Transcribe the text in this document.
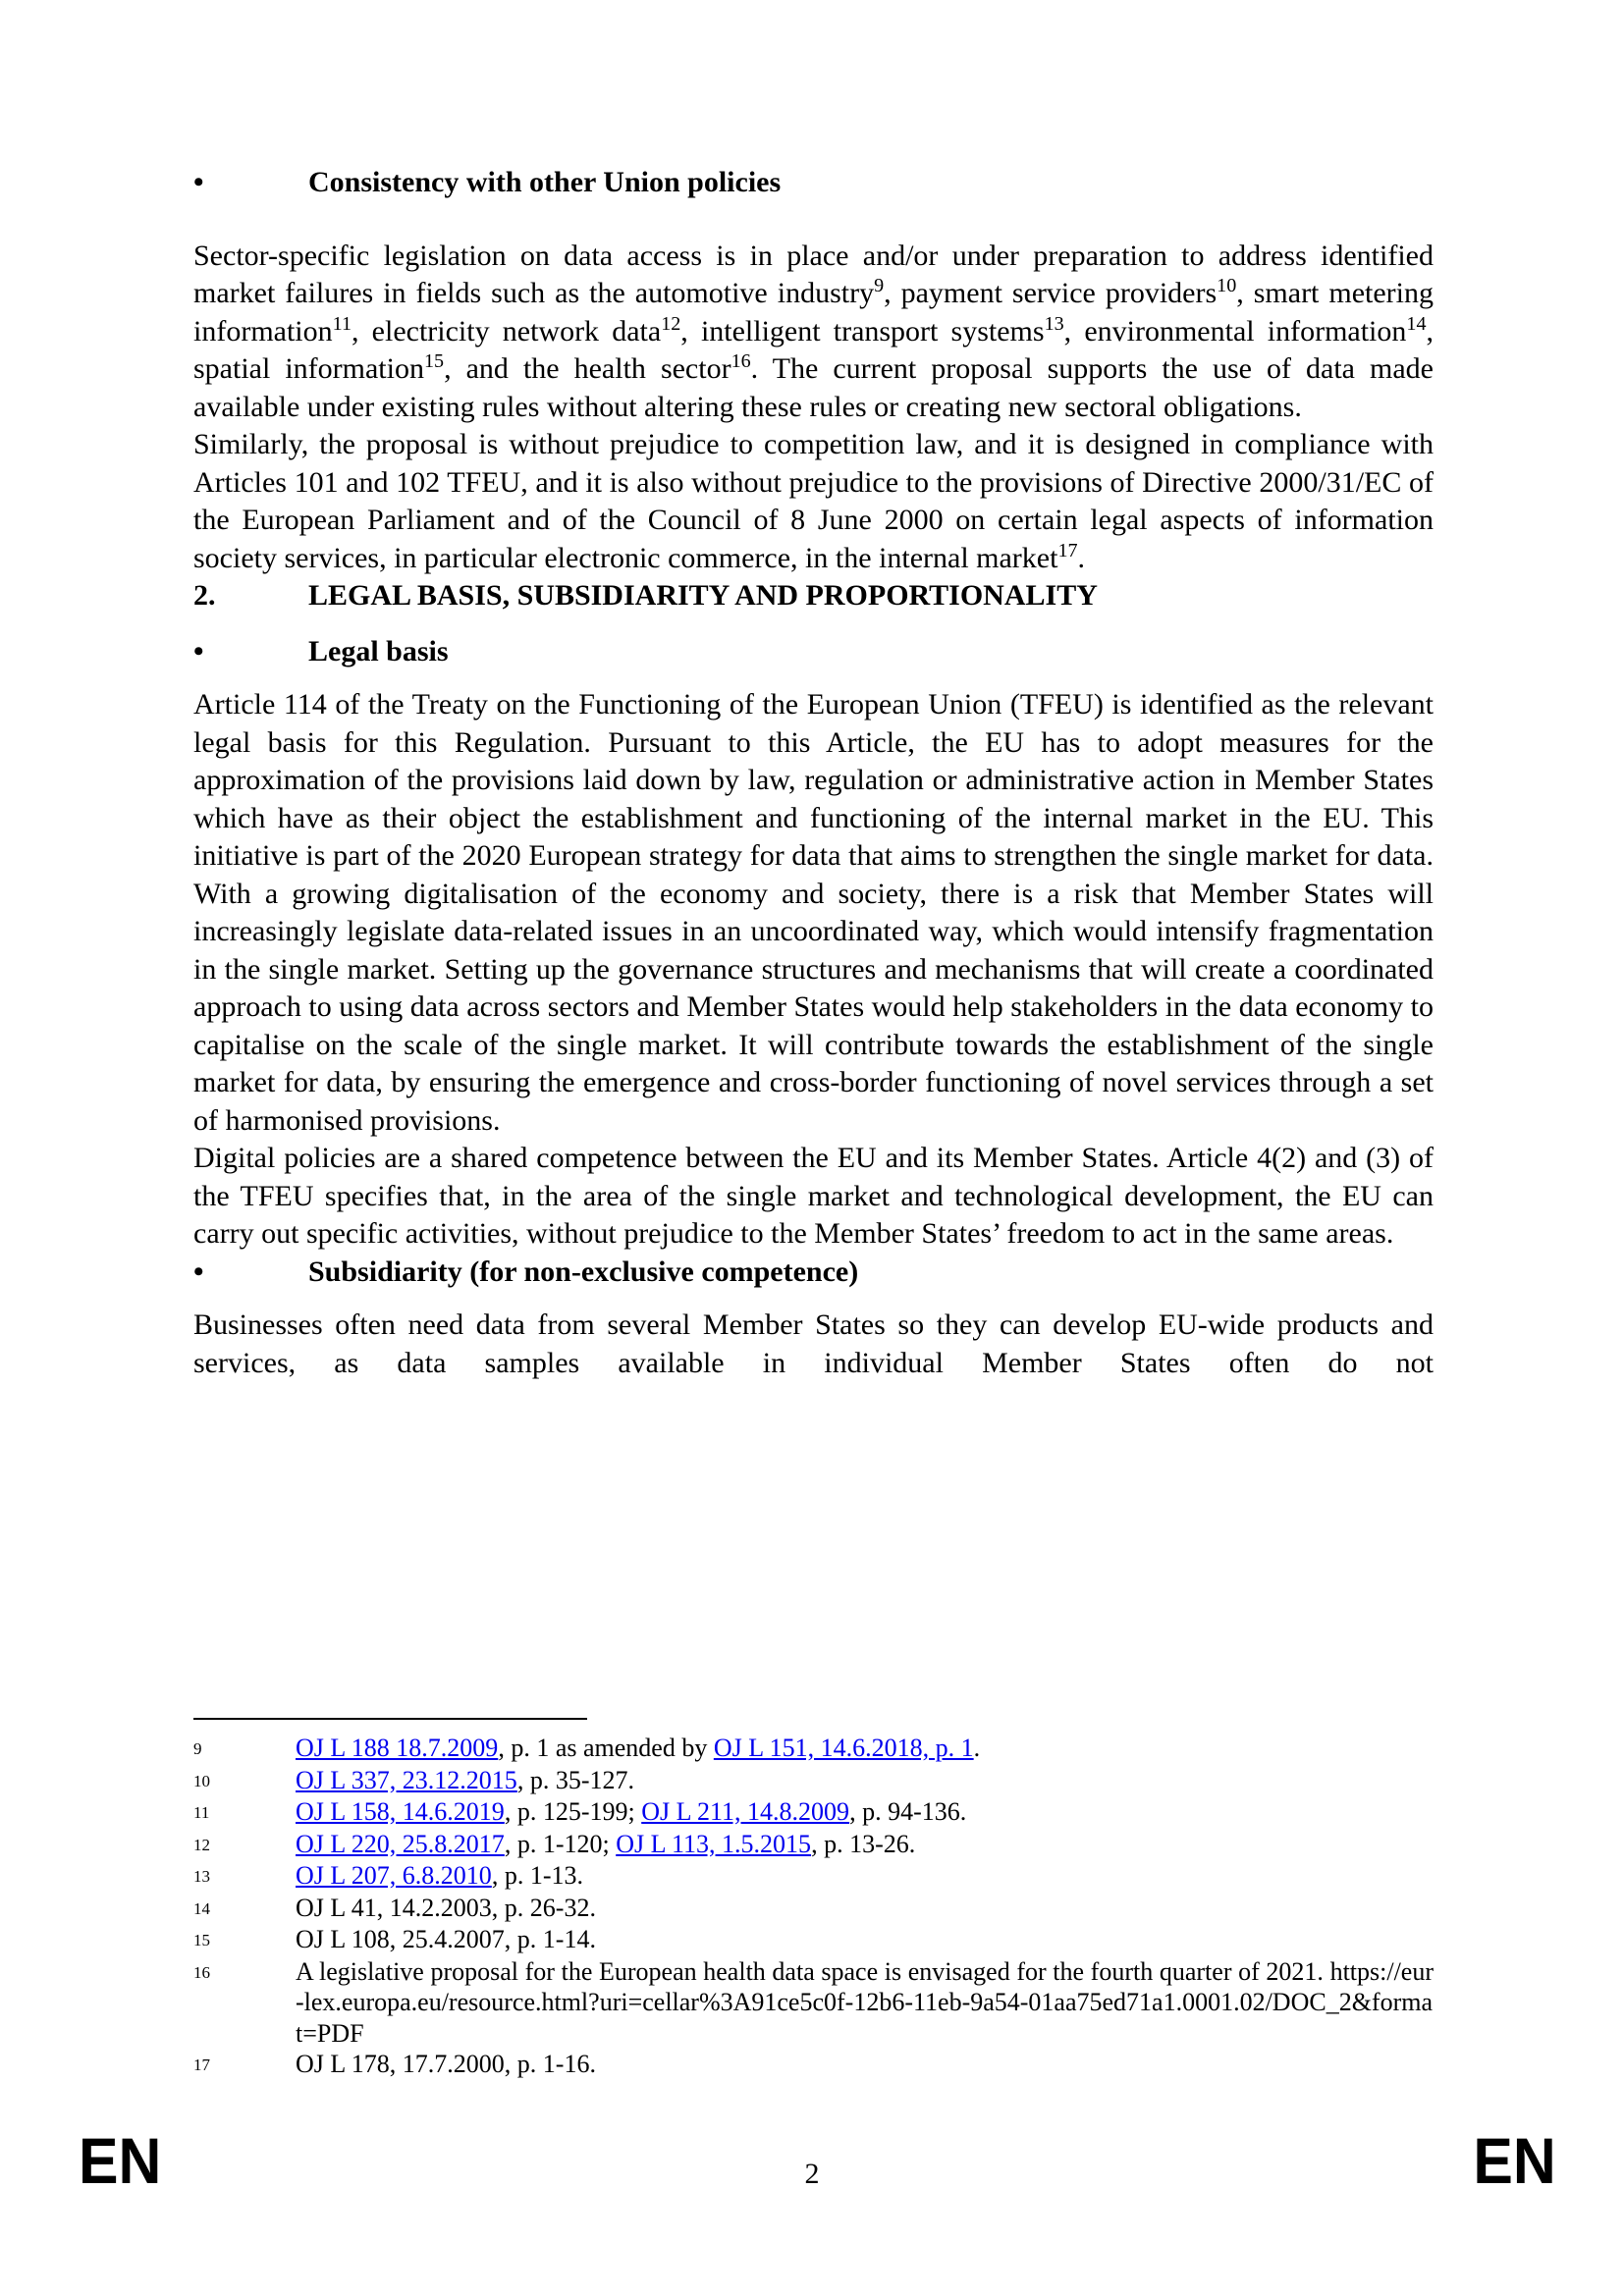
•	Consistency with other Union policies

Sector-specific legislation on data access is in place and/or under preparation to address identified market failures in fields such as the automotive industry$^9$, payment service providers$^{10}$, smart metering information$^{11}$, electricity network data$^{12}$, intelligent transport systems$^{13}$, environmental information$^{14}$, spatial information$^{15}$, and the health sector$^{16}$. The current proposal supports the use of data made available under existing rules without altering these rules or creating new sectoral obligations.

Similarly, the proposal is without prejudice to competition law, and it is designed in compliance with Articles 101 and 102 TFEU, and it is also without prejudice to the provisions of Directive 2000/31/EC of the European Parliament and of the Council of 8 June 2000 on certain legal aspects of information society services, in particular electronic commerce, in the internal market$^{17}$.

2.	LEGAL BASIS, SUBSIDIARITY AND PROPORTIONALITY
•	Legal basis

Article 114 of the Treaty on the Functioning of the European Union (TFEU) is identified as the relevant legal basis for this Regulation. Pursuant to this Article, the EU has to adopt measures for the approximation of the provisions laid down by law, regulation or administrative action in Member States which have as their object the establishment and functioning of the internal market in the EU. This initiative is part of the 2020 European strategy for data that aims to strengthen the single market for data. With a growing digitalisation of the economy and society, there is a risk that Member States will increasingly legislate data-related issues in an uncoordinated way, which would intensify fragmentation in the single market. Setting up the governance structures and mechanisms that will create a coordinated approach to using data across sectors and Member States would help stakeholders in the data economy to capitalise on the scale of the single market. It will contribute towards the establishment of the single market for data, by ensuring the emergence and cross-border functioning of novel services through a set of harmonised provisions.

Digital policies are a shared competence between the EU and its Member States. Article 4(2) and (3) of the TFEU specifies that, in the area of the single market and technological development, the EU can carry out specific activities, without prejudice to the Member States’ freedom to act in the same areas.

•	Subsidiarity (for non-exclusive competence)

Businesses often need data from several Member States so they can develop EU-wide products and services, as data samples available in individual Member States often do not

9	OJ L 188 18.7.2009, p. 1 as amended by OJ L 151, 14.6.2018, p. 1.
10	OJ L 337, 23.12.2015, p. 35-127.
11	OJ L 158, 14.6.2019, p. 125-199; OJ L 211, 14.8.2009, p. 94-136.
12	OJ L 220, 25.8.2017, p. 1-120; OJ L 113, 1.5.2015, p. 13-26.
13	OJ L 207, 6.8.2010, p. 1-13.
14	OJ L 41, 14.2.2003, p. 26-32.
15	OJ L 108, 25.4.2007, p. 1-14.
16	A legislative proposal for the European health data space is envisaged for the fourth quarter of 2021. https://eur-lex.europa.eu/resource.html?uri=cellar%3A91ce5c0f-12b6-11eb-9a54-01aa75ed71a1.0001.02/DOC_2&format=PDF
17	OJ L 178, 17.7.2000, p. 1-16.
EN	2	EN
